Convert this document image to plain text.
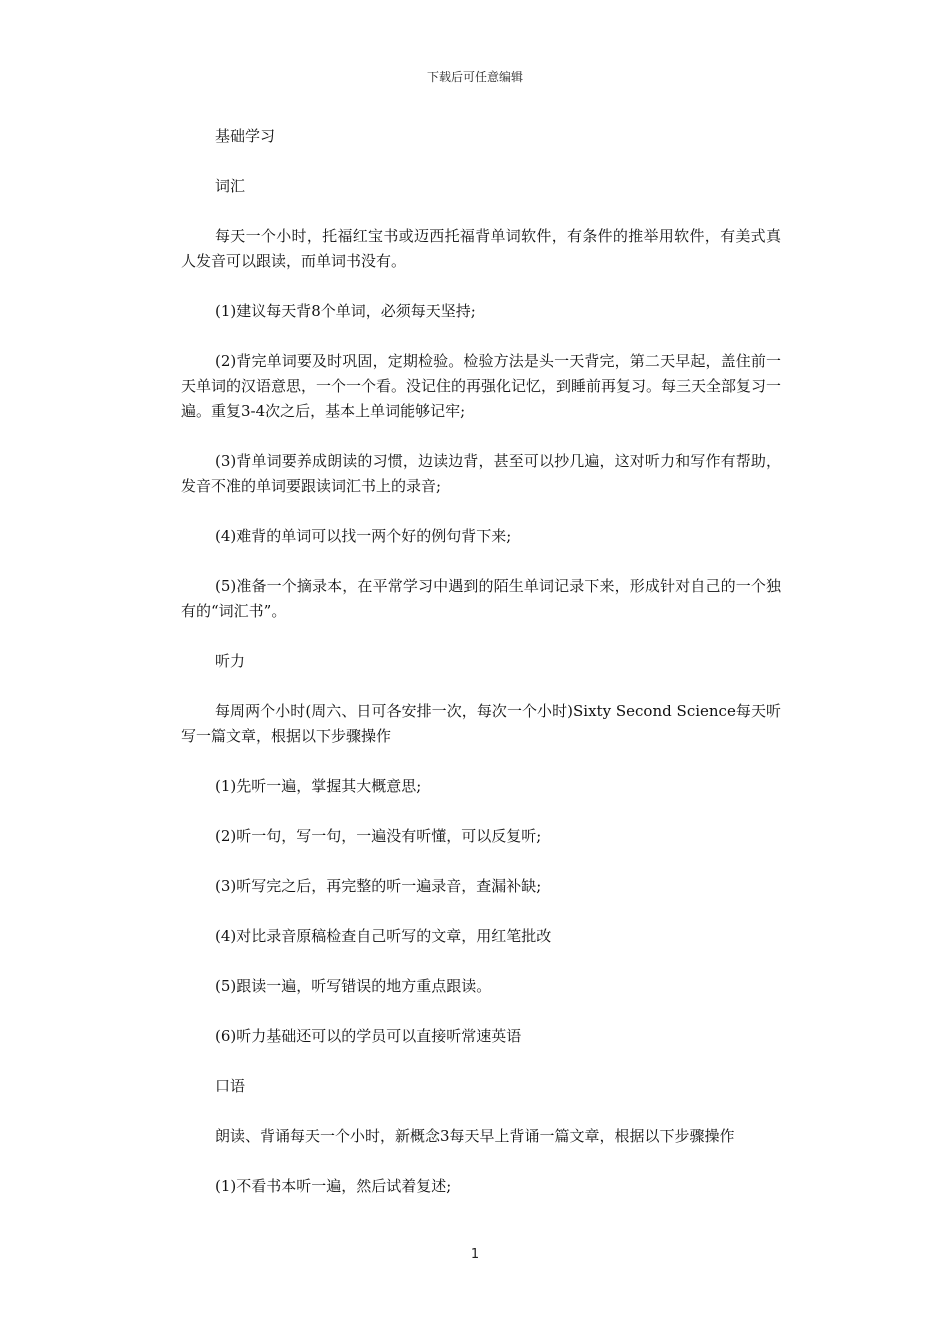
下载后可任意编辑

基础学习

词汇

每天一个小时，托福红宝书或迈西托福背单词软件，有条件的推举用软件，有美式真人发音可以跟读，而单词书没有。

(1)建议每天背8个单词，必须每天坚持;

(2)背完单词要及时巩固，定期检验。检验方法是头一天背完，第二天早起，盖住前一天单词的汉语意思，一个一个看。没记住的再强化记忆，到睡前再复习。每三天全部复习一遍。重复3-4次之后，基本上单词能够记牢;

(3)背单词要养成朗读的习惯，边读边背，甚至可以抄几遍，这对听力和写作有帮助，发音不准的单词要跟读词汇书上的录音;

(4)难背的单词可以找一两个好的例句背下来;

(5)准备一个摘录本，在平常学习中遇到的陌生单词记录下来，形成针对自己的一个独有的“词汇书”。

听力

每周两个小时(周六、日可各安排一次，每次一个小时)Sixty Second Science每天听写一篇文章，根据以下步骤操作

(1)先听一遍，掌握其大概意思;

(2)听一句，写一句，一遍没有听懂，可以反复听;

(3)听写完之后，再完整的听一遍录音，查漏补缺;

(4)对比录音原稿检查自己听写的文章，用红笔批改

(5)跟读一遍，听写错误的地方重点跟读。

(6)听力基础还可以的学员可以直接听常速英语

口语

朗读、背诵每天一个小时，新概念3每天早上背诵一篇文章，根据以下步骤操作

(1)不看书本听一遍，然后试着复述;

1
